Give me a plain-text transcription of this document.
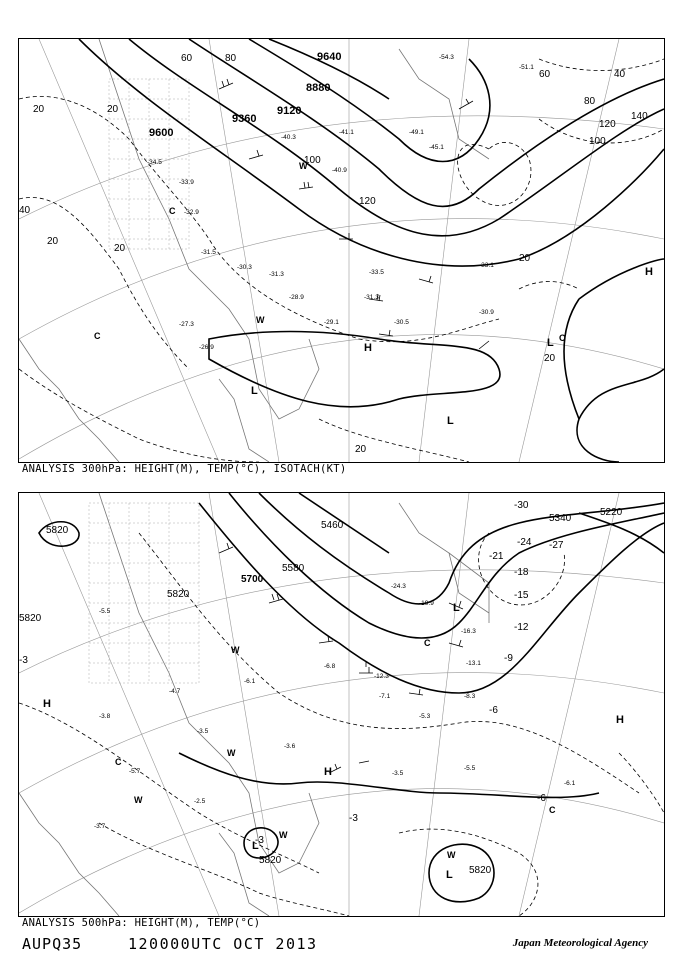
9600
9360
9120
8880
9640
20	20
20
20
40
60	80
100
120
40
60
80
100
120
140
20
20
20
-34.5
-33.9
-32.9
-31.5
-30.3
-31.3
-28.9
-29.1	-30.5
-27.3
-26.9
-30.9
-33.5
-33.1
-31.3
-40.3
-40.9
-41.1
-45.1
-49.1
-54.3
-51.1
H
H
L
L
L
C
W
C
C
W
ANALYSIS 300hPa: HEIGHT(M), TEMP(°C), ISOTACH(KT)
5820
5820
5820
5700
5580
5460
5340
5220
5820
5820
-30
-27
-24
-21
-18
-15
-12
-9
-6
-3
-3
-3
-6
-5.5
-4.7
-3.8
-3.5
-2.5
-5.7
-3.7
-6.1
-3.6
-5.3
-8.3
-12.3
-19.9
-16.3
-13.1
-7.1
-6.8
-24.3
-5.5
-3.5
-6.1
H
H
H
L
L
L
C
C
C
W
W
W
W
W
ANALYSIS 500hPa: HEIGHT(M), TEMP(°C)
AUPQ35	120000UTC OCT 2013	Japan Meteorological Agency
